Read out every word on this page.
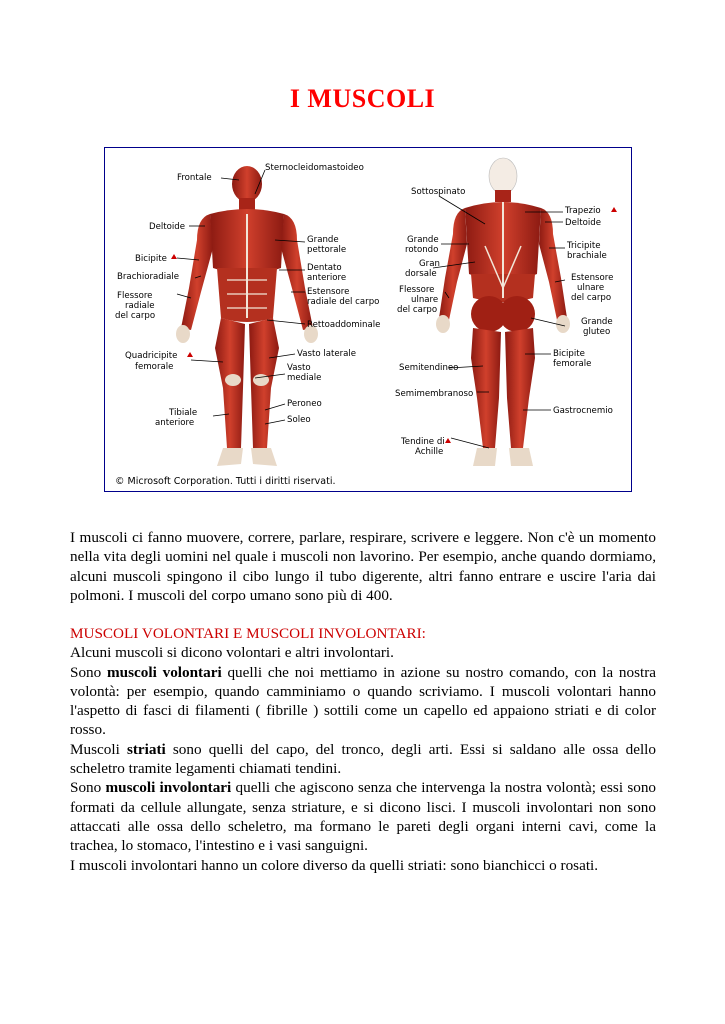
I MUSCOLI
Frontale
Sternocleidomastoideo
Deltoide
Bicipite
Brachioradiale
Flessore
radiale
del carpo
Grande
pettorale
Dentato
anteriore
Estensore
radiale del carpo
Rettoaddominale
Quadricipite
femorale
Vasto laterale
Vasto
mediale
Peroneo
Tibiale
anteriore	Soleo
Sottospinato
Grande
rotondo
Gran
dorsale
Flessore
ulnare
del carpo
Semitendineo
Semimembranoso
Tendine di
Achille
Trapezio
Deltoide
Tricipite
brachiale
Estensore
ulnare
del carpo
Grande
gluteo
Bicipite
femorale
Gastrocnemio
© Microsoft Corporation. Tutti i diritti riservati.
I muscoli ci fanno muovere, correre, parlare, respirare, scrivere e leggere. Non c'è un momento nella vita degli uomini nel quale i muscoli non lavorino. Per esempio, anche quando dormiamo, alcuni muscoli spingono il cibo lungo il tubo digerente, altri fanno entrare e uscire l'aria dai polmoni. I muscoli del corpo umano sono più di 400.
MUSCOLI VOLONTARI E MUSCOLI INVOLONTARI:
Alcuni muscoli si dicono volontari e altri involontari.
Sono muscoli volontari quelli che noi mettiamo in azione su nostro comando, con la nostra volontà: per esempio, quando camminiamo o quando scriviamo. I muscoli volontari hanno l'aspetto di fasci di filamenti ( fibrille ) sottili come un capello ed appaiono striati e di color rosso.
Muscoli striati sono quelli del capo, del tronco, degli arti. Essi si saldano alle ossa dello scheletro tramite legamenti chiamati tendini.
Sono muscoli involontari quelli che agiscono senza che intervenga la nostra volontà; essi sono formati da cellule allungate, senza striature, e si dicono lisci. I muscoli involontari non sono attaccati alle ossa dello scheletro, ma formano le pareti degli organi interni cavi, come la trachea, lo stomaco, l'intestino e i vasi sanguigni.
I muscoli involontari hanno un colore diverso da quelli striati: sono bianchicci o rosati.
